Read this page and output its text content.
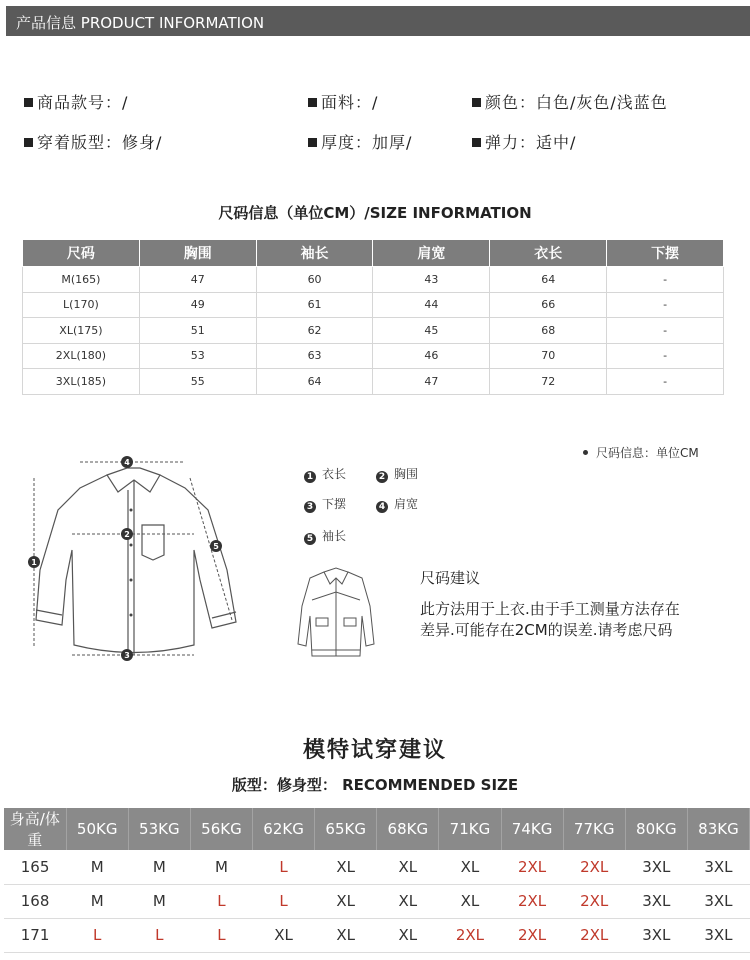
产品信息 PRODUCT INFORMATION
商品款号：/	面料：/	颜色：白色/灰色/浅蓝色
穿着版型：修身/	厚度：加厚/	弹力：适中/
尺码信息（单位CM）/SIZE INFORMATION
尺码	胸围	袖长	肩宽	衣长	下摆
M(165)	47	60	43	64	-
L(170)	49	61	44	66	-
XL(175)	51	62	45	68	-
2XL(180)	53	63	46	70	-
3XL(185)	55	64	47	72	-
尺码信息：单位CM
4
2
3
1
5
1 衣长	2 胸围
3 下摆	4 肩宽
5 袖长
尺码建议
此方法用于上衣.由于手工测量方法存在
差异.可能存在2CM的误差.请考虑尺码
模特试穿建议
版型：修身型： RECOMMENDED SIZE
身高/体重	50KG	53KG	56KG	62KG	65KG	68KG	71KG	74KG	77KG	80KG	83KG
165	M	M	M	L	XL	XL	XL	2XL	2XL	3XL	3XL
168	M	M	L	L	XL	XL	XL	2XL	2XL	3XL	3XL
171	L	L	L	XL	XL	XL	2XL	2XL	2XL	3XL	3XL
